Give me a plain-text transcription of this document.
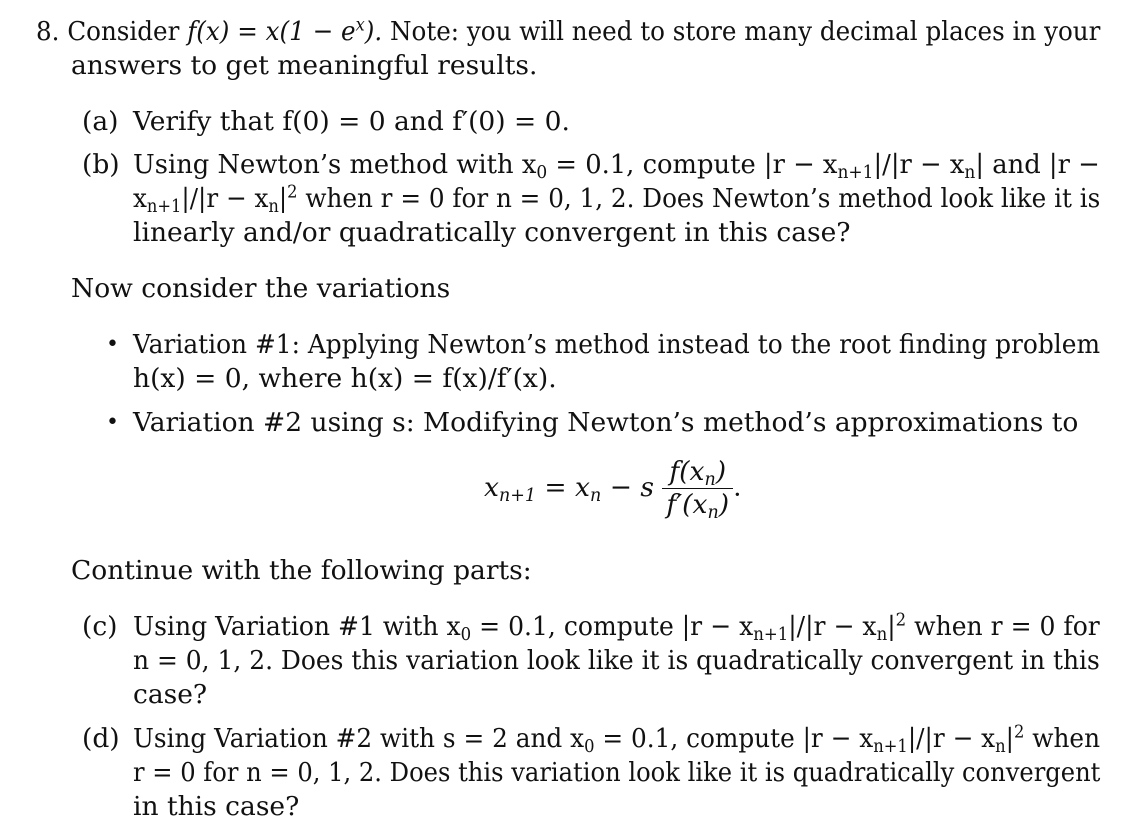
8. Consider $f(x) = x(1 - e^x)$. Note: you will need to store many decimal places in your
answers to get meaningful results.
(a) Verify that f(0) = 0 and f′(0) = 0.
(b) Using Newton’s method with $x_0 = 0.1$, compute $|r - x_{n+1}|/|r - x_n|$ and |r −
$x_{n+1}|/|r - x_n|^2$ when r = 0 for n = 0, 1, 2. Does Newton’s method look like it is
linearly and/or quadratically convergent in this case?
Now consider the variations
• Variation #1: Applying Newton’s method instead to the root finding problem
h(x) = 0, where h(x) = f(x)/f′(x).
• Variation #2 using s: Modifying Newton’s method’s approximations to
$x_{n+1} = x_n - s \frac{f(x_n)}{f'(x_n)}$ .
Continue with the following parts:
(c) Using Variation #1 with $x_0 = 0.1$, compute $|r - x_{n+1}|/|r - x_n|^2$ when r = 0 for
n = 0, 1, 2. Does this variation look like it is quadratically convergent in this
case?
(d) Using Variation #2 with s = 2 and $x_0 = 0.1$, compute $|r - x_{n+1}|/|r - x_n|^2$ when
r = 0 for n = 0, 1, 2. Does this variation look like it is quadratically convergent
in this case?
